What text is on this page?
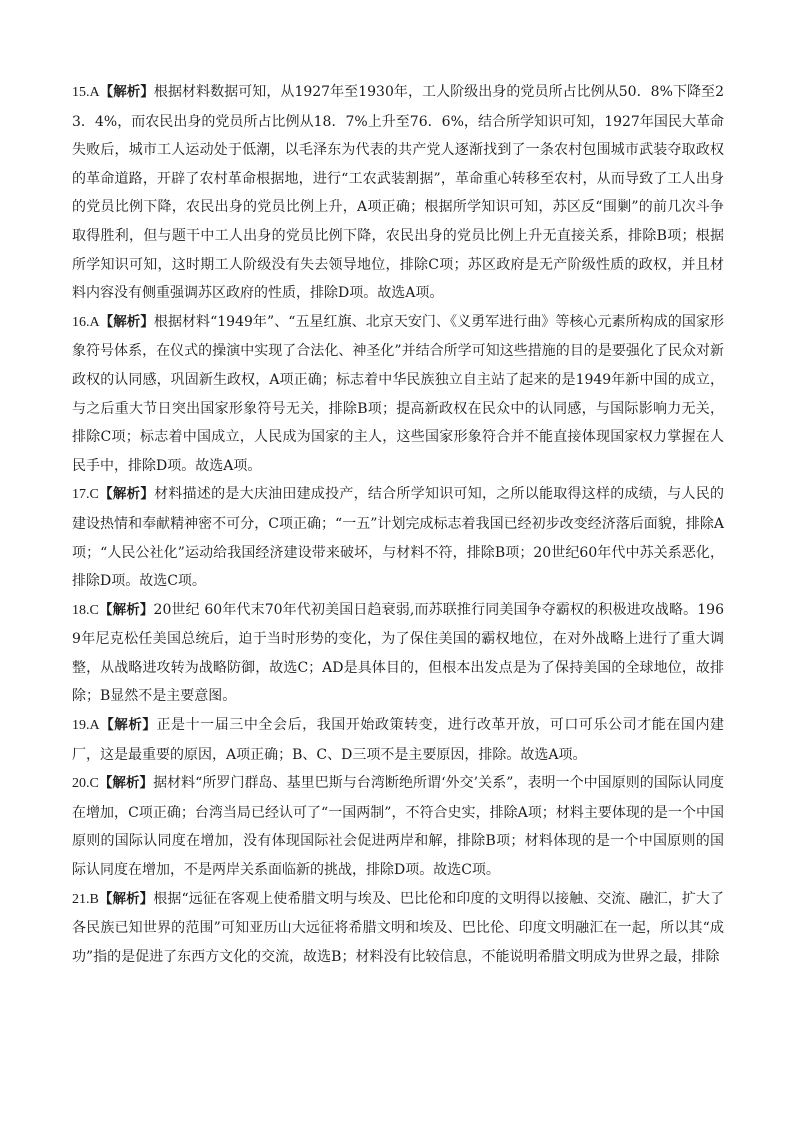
15.A【解析】根据材料数据可知，从1927年至1930年，工人阶级出身的党员所占比例从50．8%下降至23．4%，而农民出身的党员所占比例从18．7%上升至76．6%，结合所学知识可知，1927年国民大革命失败后，城市工人运动处于低潮，以毛泽东为代表的共产党人逐渐找到了一条农村包围城市武装夺取政权的革命道路，开辟了农村革命根据地，进行“工农武装割据”，革命重心转移至农村，从而导致了工人出身的党员比例下降，农民出身的党员比例上升，A项正确；根据所学知识可知，苏区反“围剿”的前几次斗争取得胜利，但与题干中工人出身的党员比例下降，农民出身的党员比例上升无直接关系，排除B项；根据所学知识可知，这时期工人阶级没有失去领导地位，排除C项；苏区政府是无产阶级性质的政权，并且材料内容没有侧重强调苏区政府的性质，排除D项。故选A项。

16.A【解析】根据材料“1949年”、“五星红旗、北京天安门、《义勇军进行曲》等核心元素所构成的国家形象符号体系，在仪式的操演中实现了合法化、神圣化”并结合所学可知这些措施的目的是要强化了民众对新政权的认同感，巩固新生政权，A项正确；标志着中华民族独立自主站了起来的是1949年新中国的成立，与之后重大节日突出国家形象符号无关，排除B项；提高新政权在民众中的认同感，与国际影响力无关，排除C项；标志着中国成立，人民成为国家的主人，这些国家形象符合并不能直接体现国家权力掌握在人民手中，排除D项。故选A项。

17.C【解析】材料描述的是大庆油田建成投产，结合所学知识可知，之所以能取得这样的成绩，与人民的建设热情和奉献精神密不可分，C项正确；“一五”计划完成标志着我国已经初步改变经济落后面貌，排除A项；“人民公社化”运动给我国经济建设带来破坏，与材料不符，排除B项；20世纪60年代中苏关系恶化，排除D项。故选C项。

18.C【解析】20世纪 60年代末70年代初美国日趋衰弱,而苏联推行同美国争夺霸权的积极进攻战略。1969年尼克松任美国总统后，迫于当时形势的变化，为了保住美国的霸权地位，在对外战略上进行了重大调整，从战略进攻转为战略防御，故选C；AD是具体目的，但根本出发点是为了保持美国的全球地位，故排除；B显然不是主要意图。

19.A【解析】正是十一届三中全会后，我国开始政策转变，进行改革开放，可口可乐公司才能在国内建厂，这是最重要的原因，A项正确；B、C、D三项不是主要原因，排除。故选A项。

20.C【解析】据材料“所罗门群岛、基里巴斯与台湾断绝所谓‘外交’关系”，表明一个中国原则的国际认同度在增加，C项正确；台湾当局已经认可了“一国两制”，不符合史实，排除A项；材料主要体现的是一个中国原则的国际认同度在增加，没有体现国际社会促进两岸和解，排除B项；材料体现的是一个中国原则的国际认同度在增加，不是两岸关系面临新的挑战，排除D项。故选C项。

21.B【解析】根据“远征在客观上使希腊文明与埃及、巴比伦和印度的文明得以接触、交流、融汇，扩大了各民族已知世界的范围”可知亚历山大远征将希腊文明和埃及、巴比伦、印度文明融汇在一起，所以其“成功”指的是促进了东西方文化的交流，故选B；材料没有比较信息，不能说明希腊文明成为世界之最，排除
